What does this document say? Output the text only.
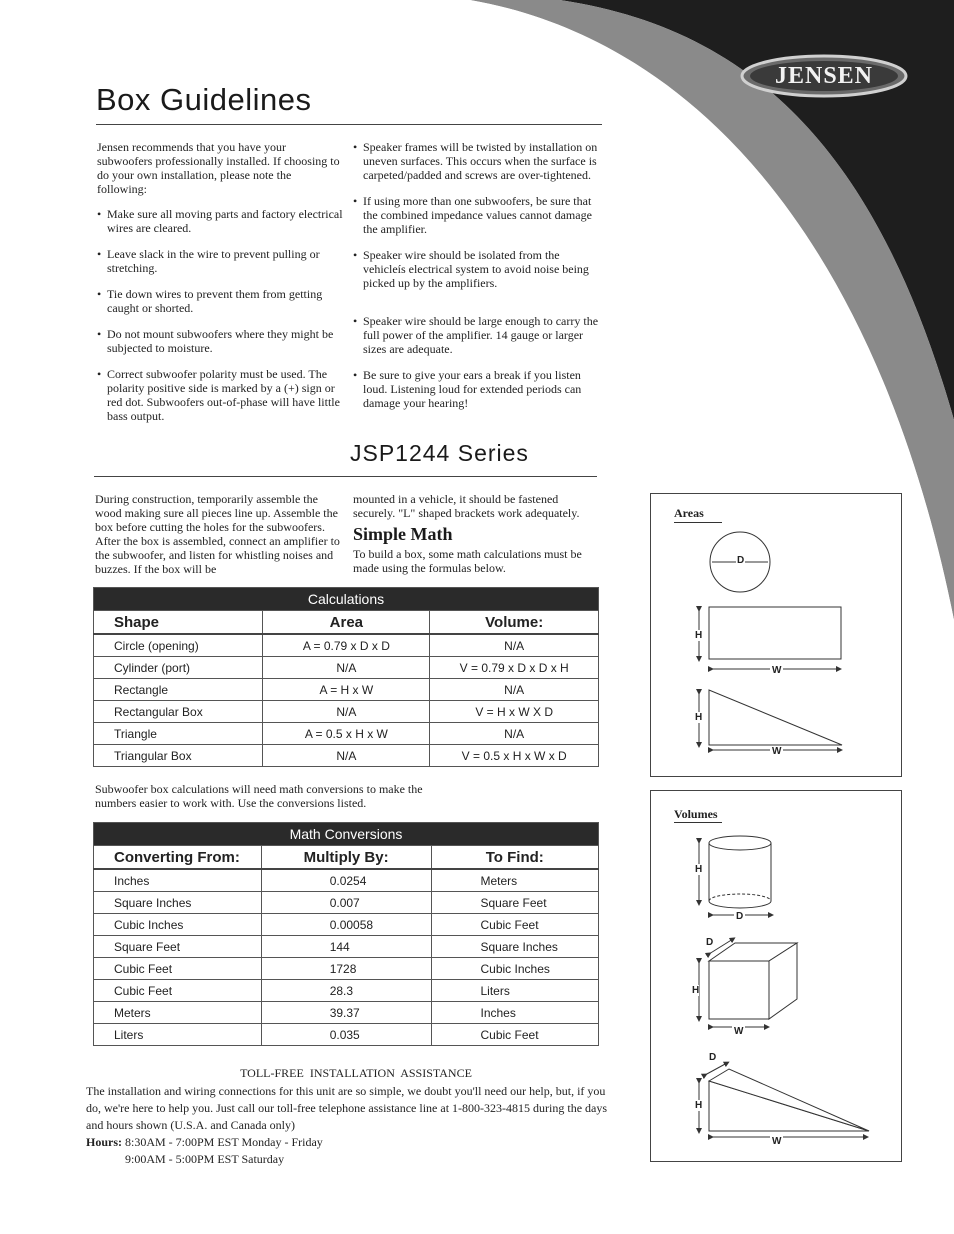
JENSEN
Box Guidelines

Jensen recommends that you have your subwoofers professionally installed. If choosing to do your own installation, please note the following:

• Make sure all moving parts and factory electrical wires are cleared.

• Leave slack in the wire to prevent pulling or stretching.

• Tie down wires to prevent them from getting caught or shorted.

• Do not mount subwoofers where they might be subjected to moisture.

• Correct subwoofer polarity must be used. The polarity positive side is marked by a (+) sign or red dot. Subwoofers out-of-phase will have little bass output.

• Speaker frames will be twisted by installation on uneven surfaces. This occurs when the surface is carpeted/padded and screws are over-tightened.

• If using more than one subwoofers, be sure that the combined impedance values cannot damage the amplifier.

• Speaker wire should be isolated from the vehicleís electrical system to avoid noise being picked up by the amplifiers.

• Speaker wire should be large enough to carry the full power of the amplifier. 14 gauge or larger sizes are adequate.

• Be sure to give your ears a break if you listen loud. Listening loud for extended periods can damage your hearing!

JSP1244 Series
During construction, temporarily assemble the wood making sure all pieces line up. Assemble the box before cutting the holes for the subwoofers. After the box is assembled, connect an amplifier to the subwoofer, and listen for whistling noises and buzzes. If the box will be
mounted in a vehicle, it should be fastened securely. "L" shaped brackets work adequately.
Simple Math
To build a box, some math calculations must be made using the formulas below.
Calculations		
Shape	Area	Volume:
Circle (opening)	A = 0.79 x D x D	N/A
Cylinder (port)	N/A	V = 0.79 x D x D x H
Rectangle	A = H x W	N/A
Rectangular Box	N/A	V = H x W X D
Triangle	A = 0.5 x H x W	N/A
Triangular Box	N/A	V = 0.5 x H x W x D
Subwoofer box calculations will need math conversions to make the numbers easier to work with. Use the conversions listed.
Math Conversions		
Converting From:	Multiply By:	To Find:
Inches	0.0254	Meters
Square Inches	0.007	Square Feet
Cubic Inches	0.00058	Cubic Feet
Square Feet	144	Square Inches
Cubic Feet	1728	Cubic Inches
Cubic Feet	28.3	Liters
Meters	39.37	Inches
Liters	0.035	Cubic Feet
TOLL-FREE  INSTALLATION  ASSISTANCE
The installation and wiring connections for this unit are so simple, we doubt you'll need our help, but, if you do, we're here to help you. Just call our toll-free telephone assistance line at 1-800-323-4815 during the days and hours shown (U.S.A. and Canada only)
Hours: 8:30AM - 7:00PM EST Monday - Friday
9:00AM - 5:00PM EST Saturday
Areas
D
H
W
H
W
Volumes
H
D
D
H
W
D
H
W
